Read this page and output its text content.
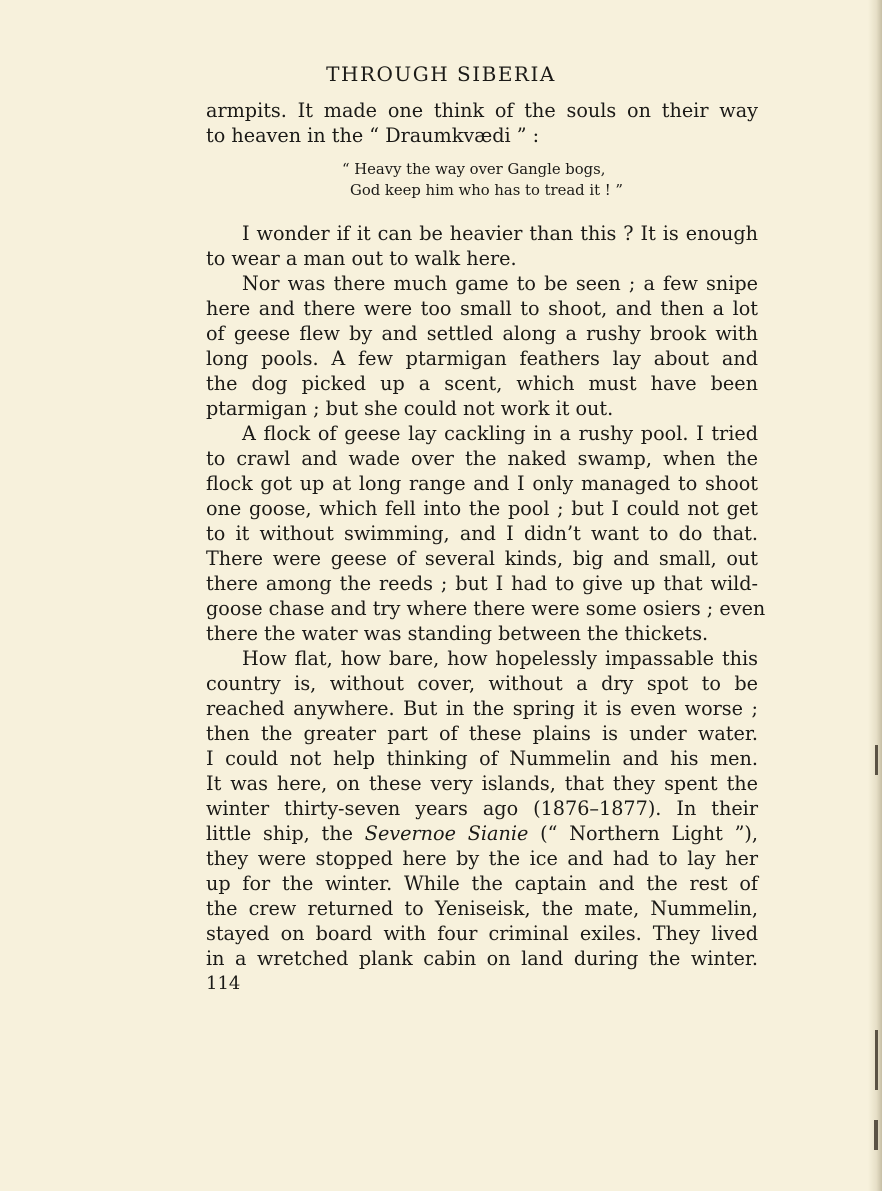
THROUGH SIBERIA
armpits. It made one think of the souls on their way
to heaven in the “ Draumkvædi ” :
“ Heavy the way over Gangle bogs,
God keep him who has to tread it ! ”
I wonder if it can be heavier than this ? It is enough
to wear a man out to walk here.
Nor was there much game to be seen ; a few snipe
here and there were too small to shoot, and then a lot
of geese flew by and settled along a rushy brook with
long pools. A few ptarmigan feathers lay about and
the dog picked up a scent, which must have been
ptarmigan ; but she could not work it out.
A flock of geese lay cackling in a rushy pool. I tried
to crawl and wade over the naked swamp, when the
flock got up at long range and I only managed to shoot
one goose, which fell into the pool ; but I could not get
to it without swimming, and I didn’t want to do that.
There were geese of several kinds, big and small, out
there among the reeds ; but I had to give up that wild-
goose chase and try where there were some osiers ; even
there the water was standing between the thickets.
How flat, how bare, how hopelessly impassable this
country is, without cover, without a dry spot to be
reached anywhere. But in the spring it is even worse ;
then the greater part of these plains is under water.
I could not help thinking of Nummelin and his men.
It was here, on these very islands, that they spent the
winter thirty-seven years ago (1876–1877). In their
little ship, the Severnoe Sianie (“ Northern Light ”),
they were stopped here by the ice and had to lay her
up for the winter. While the captain and the rest of
the crew returned to Yeniseisk, the mate, Nummelin,
stayed on board with four criminal exiles. They lived
in a wretched plank cabin on land during the winter.
114
